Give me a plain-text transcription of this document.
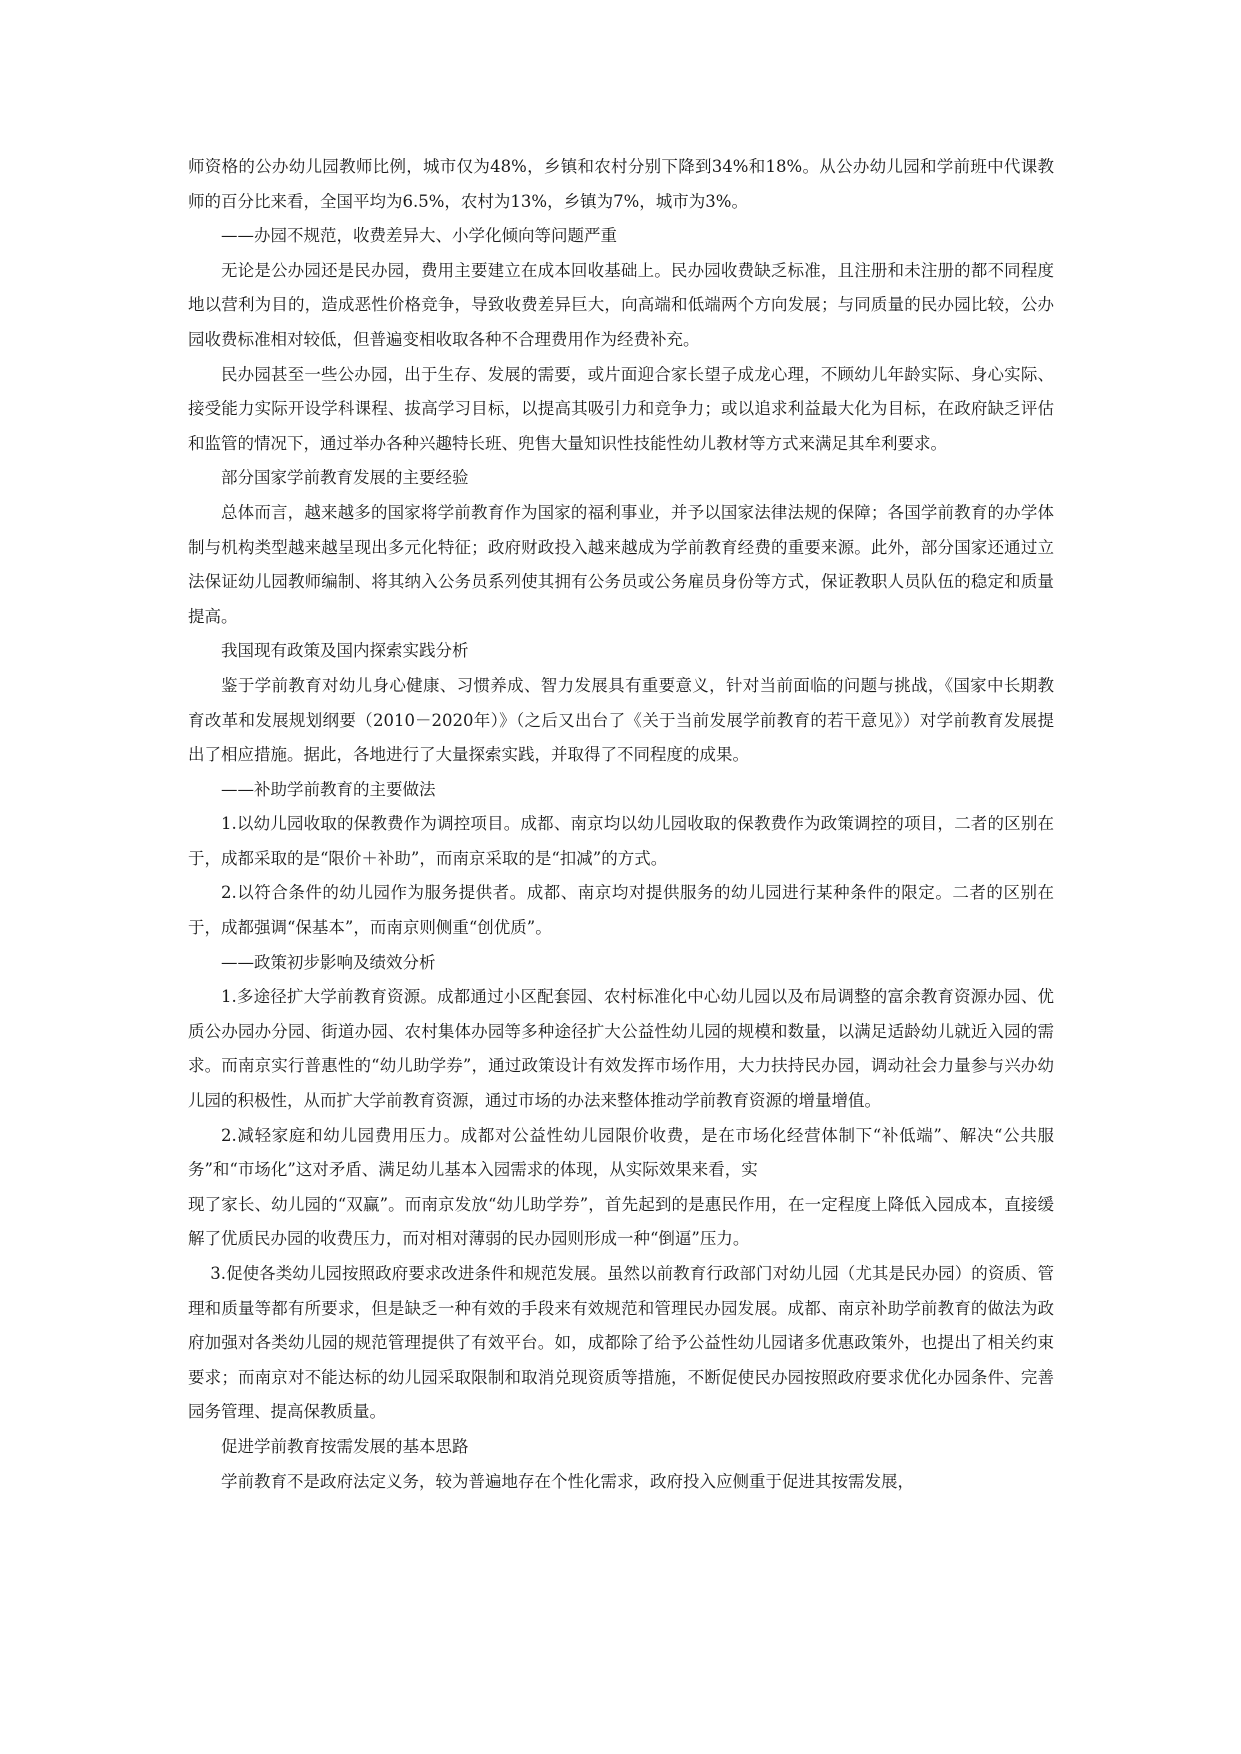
师资格的公办幼儿园教师比例，城市仅为48%，乡镇和农村分别下降到34%和18%。从公办幼儿园和学前班中代课教师的百分比来看，全国平均为6.5%，农村为13%，乡镇为7%，城市为3%。

——办园不规范，收费差异大、小学化倾向等问题严重

无论是公办园还是民办园，费用主要建立在成本回收基础上。民办园收费缺乏标准，且注册和未注册的都不同程度地以营利为目的，造成恶性价格竞争，导致收费差异巨大，向高端和低端两个方向发展；与同质量的民办园比较，公办园收费标准相对较低，但普遍变相收取各种不合理费用作为经费补充。

民办园甚至一些公办园，出于生存、发展的需要，或片面迎合家长望子成龙心理，不顾幼儿年龄实际、身心实际、接受能力实际开设学科课程、拔高学习目标，以提高其吸引力和竞争力；或以追求利益最大化为目标，在政府缺乏评估和监管的情况下，通过举办各种兴趣特长班、兜售大量知识性技能性幼儿教材等方式来满足其牟利要求。

部分国家学前教育发展的主要经验

总体而言，越来越多的国家将学前教育作为国家的福利事业，并予以国家法律法规的保障；各国学前教育的办学体制与机构类型越来越呈现出多元化特征；政府财政投入越来越成为学前教育经费的重要来源。此外，部分国家还通过立法保证幼儿园教师编制、将其纳入公务员系列使其拥有公务员或公务雇员身份等方式，保证教职人员队伍的稳定和质量提高。

我国现有政策及国内探索实践分析

鉴于学前教育对幼儿身心健康、习惯养成、智力发展具有重要意义，针对当前面临的问题与挑战，《国家中长期教育改革和发展规划纲要（2010－2020年）》（之后又出台了《关于当前发展学前教育的若干意见》）对学前教育发展提出了相应措施。据此，各地进行了大量探索实践，并取得了不同程度的成果。

——补助学前教育的主要做法

1.以幼儿园收取的保教费作为调控项目。成都、南京均以幼儿园收取的保教费作为政策调控的项目，二者的区别在于，成都采取的是“限价＋补助”，而南京采取的是“扣减”的方式。

2.以符合条件的幼儿园作为服务提供者。成都、南京均对提供服务的幼儿园进行某种条件的限定。二者的区别在于，成都强调“保基本”，而南京则侧重“创优质”。

——政策初步影响及绩效分析

1.多途径扩大学前教育资源。成都通过小区配套园、农村标准化中心幼儿园以及布局调整的富余教育资源办园、优质公办园办分园、街道办园、农村集体办园等多种途径扩大公益性幼儿园的规模和数量，以满足适龄幼儿就近入园的需求。而南京实行普惠性的“幼儿助学券”，通过政策设计有效发挥市场作用，大力扶持民办园，调动社会力量参与兴办幼儿园的积极性，从而扩大学前教育资源，通过市场的办法来整体推动学前教育资源的增量增值。

2.减轻家庭和幼儿园费用压力。成都对公益性幼儿园限价收费，是在市场化经营体制下“补低端”、解决“公共服务”和“市场化”这对矛盾、满足幼儿基本入园需求的体现，从实际效果来看，实

现了家长、幼儿园的“双赢”。而南京发放“幼儿助学券”，首先起到的是惠民作用，在一定程度上降低入园成本，直接缓解了优质民办园的收费压力，而对相对薄弱的民办园则形成一种“倒逼”压力。

3.促使各类幼儿园按照政府要求改进条件和规范发展。虽然以前教育行政部门对幼儿园（尤其是民办园）的资质、管理和质量等都有所要求，但是缺乏一种有效的手段来有效规范和管理民办园发展。成都、南京补助学前教育的做法为政府加强对各类幼儿园的规范管理提供了有效平台。如，成都除了给予公益性幼儿园诸多优惠政策外，也提出了相关约束要求；而南京对不能达标的幼儿园采取限制和取消兑现资质等措施，不断促使民办园按照政府要求优化办园条件、完善园务管理、提高保教质量。

促进学前教育按需发展的基本思路

学前教育不是政府法定义务，较为普遍地存在个性化需求，政府投入应侧重于促进其按需发展，
